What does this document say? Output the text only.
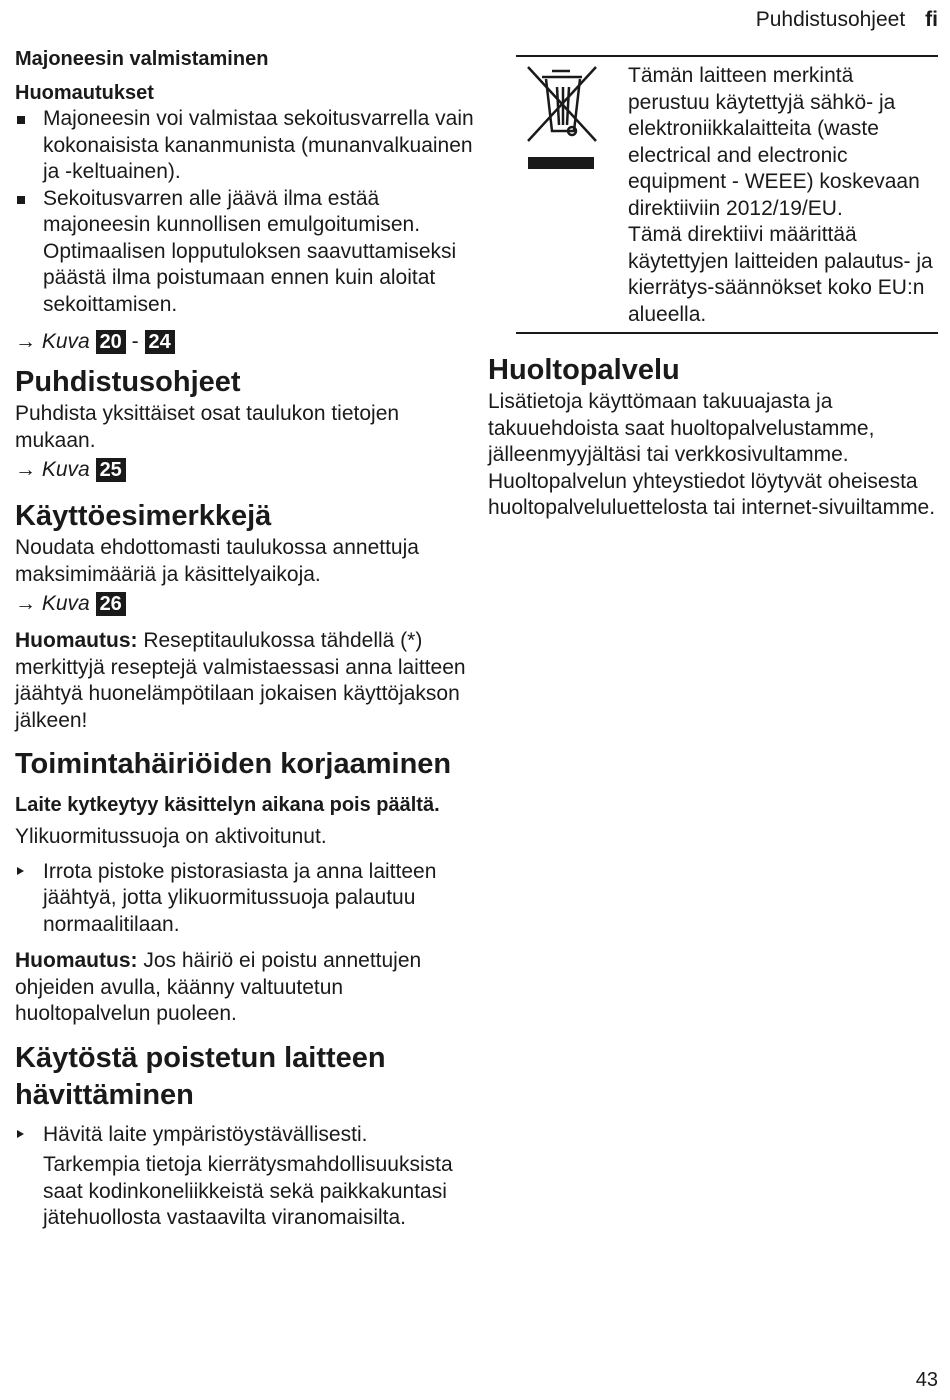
Puhdistusohjeet fi

Majoneesin valmistaminen

Huomautukset

Majoneesin voi valmistaa sekoitusvarrella vain kokonaisista kananmunista (munanvalkuainen ja -keltuainen).
Sekoitusvarren alle jäävä ilma estää majoneesin kunnollisen emulgoitumisen. Optimaalisen lopputuloksen saavuttamiseksi päästä ilma poistumaan ennen kuin aloitat sekoittamisen.

→ Kuva 20 - 24

Puhdistusohjeet

Puhdista yksittäiset osat taulukon tietojen mukaan.

→ Kuva 25

Käyttöesimerkkejä

Noudata ehdottomasti taulukossa annettuja maksimimääriä ja käsittelyaikoja.

→ Kuva 26

Huomautus: Reseptitaulukossa tähdellä (*) merkittyjä reseptejä valmistaessasi anna laitteen jäähtyä huonelämpötilaan jokaisen käyttöjakson jälkeen!

Toimintahäiriöiden korjaaminen

Laite kytkeytyy käsittelyn aikana pois päältä.

Ylikuormitussuoja on aktivoitunut.

Irrota pistoke pistorasiasta ja anna laitteen jäähtyä, jotta ylikuormitussuoja palautuu normaalitilaan.

Huomautus: Jos häiriö ei poistu annettujen ohjeiden avulla, käänny valtuutetun huoltopalvelun puoleen.

Käytöstä poistetun laitteen hävittäminen
Hävitä laite ympäristöystävällisesti.

Tarkempia tietoja kierrätysmahdollisuuksista saat kodinkoneliikkeistä sekä paikkakuntasi jätehuollosta vastaavilta viranomaisilta.

Tämän laitteen merkintä perustuu käytettyjä sähkö- ja elektroniikkalaitteita (waste electrical and electronic equipment - WEEE) koskevaan direktiiviin 2012/19/EU.

Tämä direktiivi määrittää käytettyjen laitteiden palautus- ja kierrätys-säännökset koko EU:n alueella.

Huoltopalvelu

Lisätietoja käyttömaan takuuajasta ja takuuehdoista saat huoltopalvelustamme, jälleenmyyjältäsi tai verkkosivultamme. Huoltopalvelun yhteystiedot löytyvät oheisesta huoltopalveluluettelosta tai internet-sivuiltamme.

43
